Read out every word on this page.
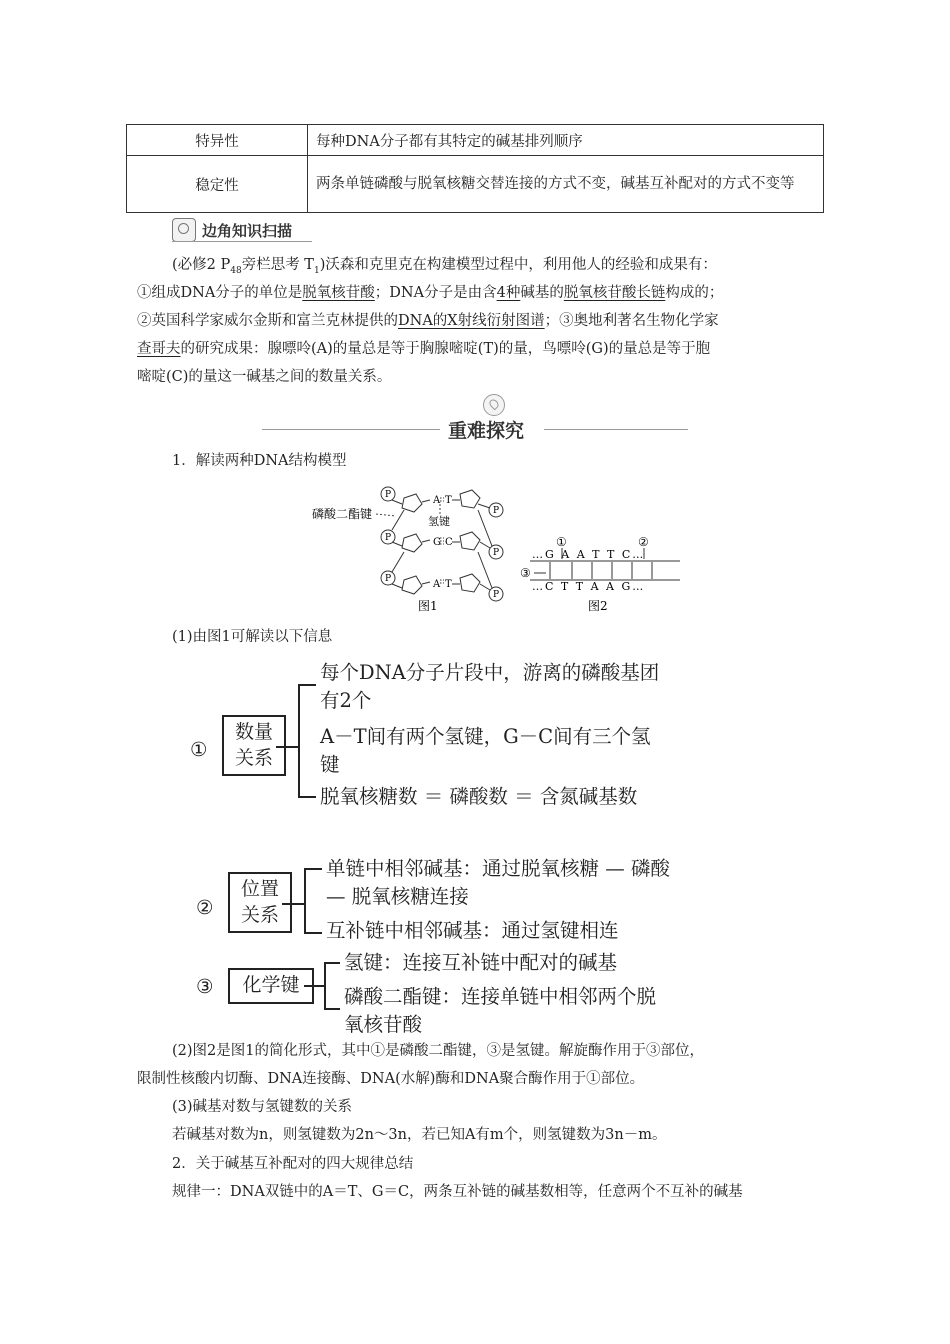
特异性	每种DNA分子都有其特定的碱基排列顺序
稳定性	两条单链磷酸与脱氧核糖交替连接的方式不变，碱基互补配对的方式不变等
边角知识扫描
(必修2 $P_{48}$旁栏思考 $T_1$)沃森和克里克在构建模型过程中，利用他人的经验和成果有：
①组成DNA分子的单位是脱氧核苷酸；DNA分子是由含4种碱基的脱氧核苷酸长链构成的；
②英国科学家威尔金斯和富兰克林提供的DNA的X射线衍射图谱；③奥地利著名生物化学家
查哥夫的研究成果：腺嘌呤(A)的量总是等于胸腺嘧啶(T)的量，鸟嘌呤(G)的量总是等于胞
嘧啶(C)的量这一碱基之间的数量关系。
重难探究
1．解读两种DNA结构模型
磷酸二酯键
P
P
P
P
P
P
A T
G C
A T
氢键
图1
…G A A T T C…
…C T T A A G…
①	②
③
图2
(1)由图1可解读以下信息
①
数量
关系
每个DNA分子片段中，游离的磷酸基团
有2个
A－T间有两个氢键，G－C间有三个氢
键
脱氧核糖数 ＝ 磷酸数 ＝ 含氮碱基数
②
位置
关系
单链中相邻碱基：通过脱氧核糖 — 磷酸
— 脱氧核糖连接
互补链中相邻碱基：通过氢键相连
③	化学键
氢键：连接互补链中配对的碱基
磷酸二酯键：连接单链中相邻两个脱
氧核苷酸
(2)图2是图1的简化形式，其中①是磷酸二酯键，③是氢键。解旋酶作用于③部位，
限制性核酸内切酶、DNA连接酶、DNA(水解)酶和DNA聚合酶作用于①部位。
(3)碱基对数与氢键数的关系
若碱基对数为n，则氢键数为2n～3n，若已知A有m个，则氢键数为3n－m。
2．关于碱基互补配对的四大规律总结
规律一：DNA双链中的A＝T、G＝C，两条互补链的碱基数相等，任意两个不互补的碱基
